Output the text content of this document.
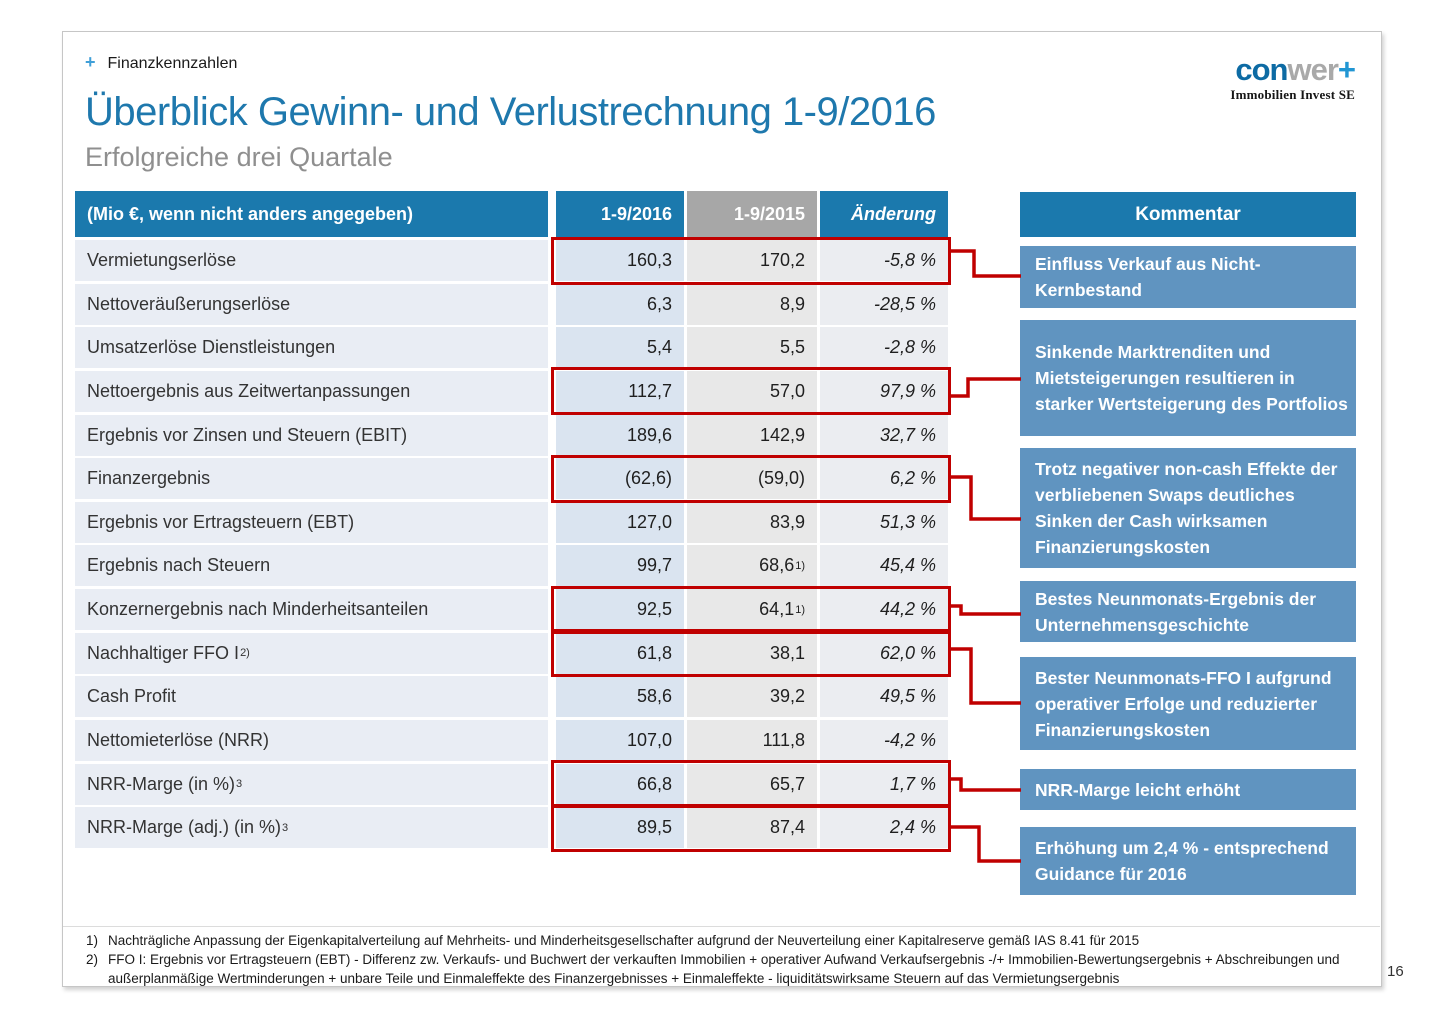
+ Finanzkennzahlen
Überblick Gewinn- und Verlustrechnung 1-9/2016
Erfolgreiche drei Quartale
conwer+
Immobilien Invest SE
(Mio €, wenn nicht anders angegeben)	1-9/2016	1-9/2015	Änderung
Vermietungserlöse	160,3	170,2	-5,8 %
Nettoveräußerungserlöse	6,3	8,9	-28,5 %
Umsatzerlöse Dienstleistungen	5,4	5,5	-2,8 %
Nettoergebnis aus Zeitwertanpassungen	112,7	57,0	97,9 %
Ergebnis vor Zinsen und Steuern (EBIT)	189,6	142,9	32,7 %
Finanzergebnis	(62,6)	(59,0)	6,2 %
Ergebnis vor Ertragsteuern (EBT)	127,0	83,9	51,3 %
Ergebnis nach Steuern	99,7	68,6 1)	45,4 %
Konzernergebnis nach Minderheitsanteilen	92,5	64,1 1)	44,2 %
Nachhaltiger FFO I 2)	61,8	38,1	62,0 %
Cash Profit	58,6	39,2	49,5 %
Nettomieterlöse (NRR)	107,0	111,8	-4,2 %
NRR-Marge (in %) 3	66,8	65,7	1,7 %
NRR-Marge (adj.) (in %) 3	89,5	87,4	2,4 %
Kommentar
Einfluss Verkauf aus Nicht-Kernbestand
Sinkende Marktrenditen und Mietsteigerungen resultieren in starker Wertsteigerung des Portfolios
Trotz negativer non-cash Effekte der verbliebenen Swaps deutliches Sinken der Cash wirksamen Finanzierungskosten
Bestes Neunmonats-Ergebnis der Unternehmensgeschichte
Bester Neunmonats-FFO I aufgrund operativer Erfolge und reduzierter Finanzierungskosten
NRR-Marge leicht erhöht
Erhöhung um 2,4 % - entsprechend Guidance für 2016
1) Nachträgliche Anpassung der Eigenkapitalverteilung auf Mehrheits- und Minderheitsgesellschafter aufgrund der Neuverteilung einer Kapitalreserve gemäß IAS 8.41 für 2015
2) FFO I: Ergebnis vor Ertragsteuern (EBT) - Differenz zw. Verkaufs- und Buchwert der verkauften Immobilien + operativer Aufwand Verkaufsergebnis -/+ Immobilien-Bewertungsergebnis + Abschreibungen und außerplanmäßige Wertminderungen + unbare Teile und Einmaleffekte des Finanzergebnisses + Einmaleffekte - liquiditätswirksame Steuern auf das Vermietungsergebnis	16
